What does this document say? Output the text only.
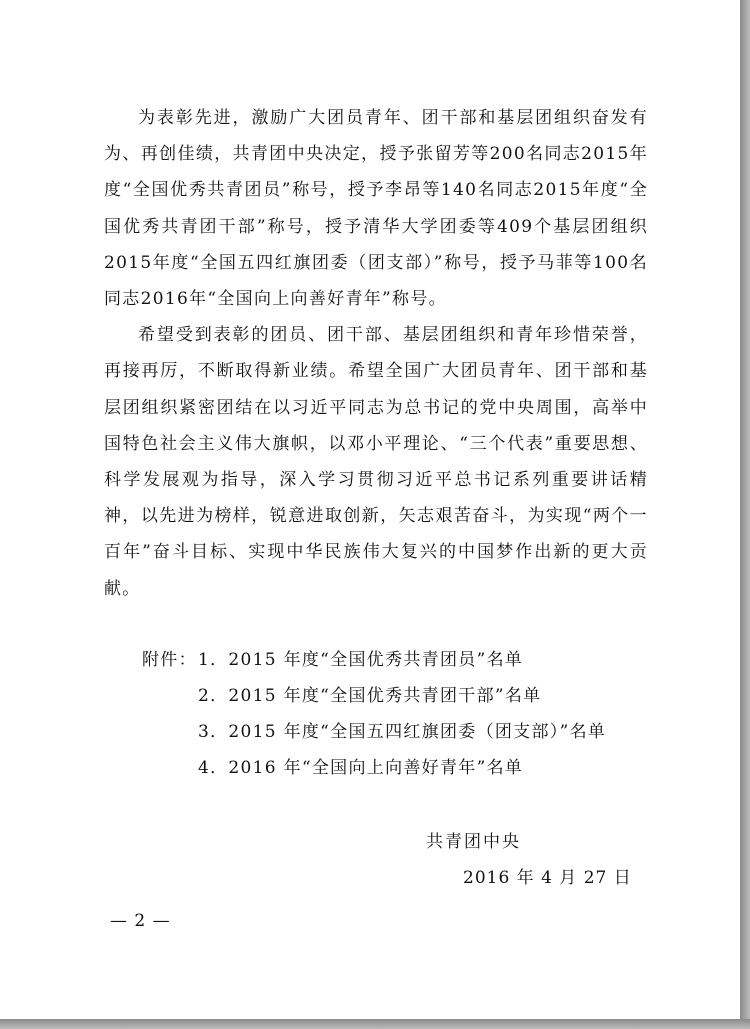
为表彰先进，激励广大团员青年、团干部和基层团组织奋发有为、再创佳绩，共青团中央决定，授予张留芳等200名同志2015年度“全国优秀共青团员”称号，授予李昂等140名同志2015年度“全国优秀共青团干部”称号，授予清华大学团委等409个基层团组织2015年度“全国五四红旗团委（团支部）”称号，授予马菲等100名同志2016年“全国向上向善好青年”称号。

希望受到表彰的团员、团干部、基层团组织和青年珍惜荣誉，再接再厉，不断取得新业绩。希望全国广大团员青年、团干部和基层团组织紧密团结在以习近平同志为总书记的党中央周围，高举中国特色社会主义伟大旗帜，以邓小平理论、“三个代表”重要思想、科学发展观为指导，深入学习贯彻习近平总书记系列重要讲话精神，以先进为榜样，锐意进取创新，矢志艰苦奋斗，为实现“两个一百年”奋斗目标、实现中华民族伟大复兴的中国梦作出新的更大贡献。

附件：1．2015 年度“全国优秀共青团员”名单
2．2015 年度“全国优秀共青团干部”名单
3．2015 年度“全国五四红旗团委（团支部）”名单
4．2016 年“全国向上向善好青年”名单
共青团中央
2016 年 4 月 27 日
— 2 —
